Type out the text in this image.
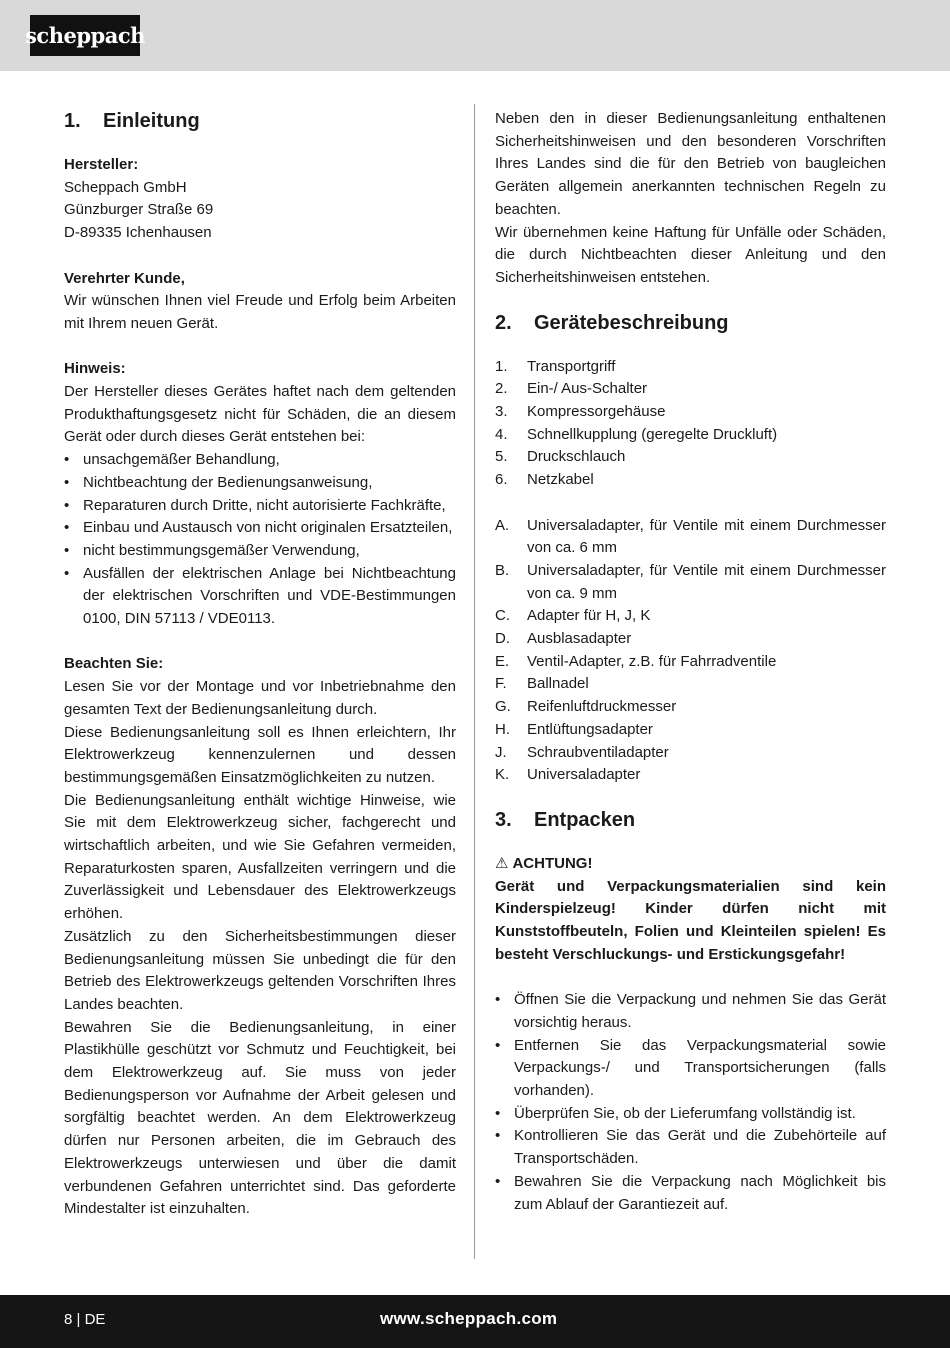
scheppach
1.	Einleitung

Hersteller:

Scheppach GmbH

Günzburger Straße 69

D-89335 Ichenhausen

Verehrter Kunde,

Wir wünschen Ihnen viel Freude und Erfolg beim Arbeiten mit Ihrem neuen Gerät.

Hinweis:

Der Hersteller dieses Gerätes haftet nach dem geltenden Produkthaftungsgesetz nicht für Schäden, die an diesem Gerät oder durch dieses Gerät entstehen bei:

• unsachgemäßer Behandlung,
• Nichtbeachtung der Bedienungsanweisung,
• Reparaturen durch Dritte, nicht autorisierte Fachkräfte,
• Einbau und Austausch von nicht originalen Ersatzteilen,
• nicht bestimmungsgemäßer Verwendung,
• Ausfällen der elektrischen Anlage bei Nichtbeachtung der elektrischen Vorschriften und VDE-Bestimmungen 0100, DIN 57113 / VDE0113.

Beachten Sie:

Lesen Sie vor der Montage und vor Inbetriebnahme den gesamten Text der Bedienungsanleitung durch.

Diese Bedienungsanleitung soll es Ihnen erleichtern, Ihr Elektrowerkzeug kennenzulernen und dessen bestimmungsgemäßen Einsatzmöglichkeiten zu nutzen.

Die Bedienungsanleitung enthält wichtige Hinweise, wie Sie mit dem Elektrowerkzeug sicher, fachgerecht und wirtschaftlich arbeiten, und wie Sie Gefahren vermeiden, Reparaturkosten sparen, Ausfallzeiten verringern und die Zuverlässigkeit und Lebensdauer des Elektrowerkzeugs erhöhen.

Zusätzlich zu den Sicherheitsbestimmungen dieser Bedienungsanleitung müssen Sie unbedingt die für den Betrieb des Elektrowerkzeugs geltenden Vorschriften Ihres Landes beachten.

Bewahren Sie die Bedienungsanleitung, in einer Plastikhülle geschützt vor Schmutz und Feuchtigkeit, bei dem Elektrowerkzeug auf. Sie muss von jeder Bedienungsperson vor Aufnahme der Arbeit gelesen und sorgfältig beachtet werden. An dem Elektrowerkzeug dürfen nur Personen arbeiten, die im Gebrauch des Elektrowerkzeugs unterwiesen und über die damit verbundenen Gefahren unterrichtet sind. Das geforderte Mindestalter ist einzuhalten.

Neben den in dieser Bedienungsanleitung enthaltenen Sicherheitshinweisen und den besonderen Vorschriften Ihres Landes sind die für den Betrieb von baugleichen Geräten allgemein anerkannten technischen Regeln zu beachten.

Wir übernehmen keine Haftung für Unfälle oder Schäden, die durch Nichtbeachten dieser Anleitung und den Sicherheitshinweisen entstehen.

2.	Gerätebeschreibung
1.	Transportgriff
2.	Ein-/ Aus-Schalter
3.	Kompressorgehäuse
4.	Schnellkupplung (geregelte Druckluft)
5.	Druckschlauch
6.	Netzkabel
A.	Universaladapter, für Ventile mit einem Durchmesser von ca. 6 mm
B.	Universaladapter, für Ventile mit einem Durchmesser von ca. 9 mm
C.	Adapter für H, J, K
D.	Ausblasadapter
E.	Ventil-Adapter, z.B. für Fahrradventile
F.	Ballnadel
G.	Reifenluftdruckmesser
H.	Entlüftungsadapter
J.	Schraubventiladapter
K.	Universaladapter
3.	Entpacken

⚠ ACHTUNG!

Gerät und Verpackungsmaterialien sind kein Kinderspielzeug! Kinder dürfen nicht mit Kunststoffbeuteln, Folien und Kleinteilen spielen! Es besteht Verschluckungs- und Erstickungsgefahr!

• Öffnen Sie die Verpackung und nehmen Sie das Gerät vorsichtig heraus.
• Entfernen Sie das Verpackungsmaterial sowie Verpackungs-/ und Transportsicherungen (falls vorhanden).
• Überprüfen Sie, ob der Lieferumfang vollständig ist.
• Kontrollieren Sie das Gerät und die Zubehörteile auf Transportschäden.
• Bewahren Sie die Verpackung nach Möglichkeit bis zum Ablauf der Garantiezeit auf.
8 | DE	www.scheppach.com
